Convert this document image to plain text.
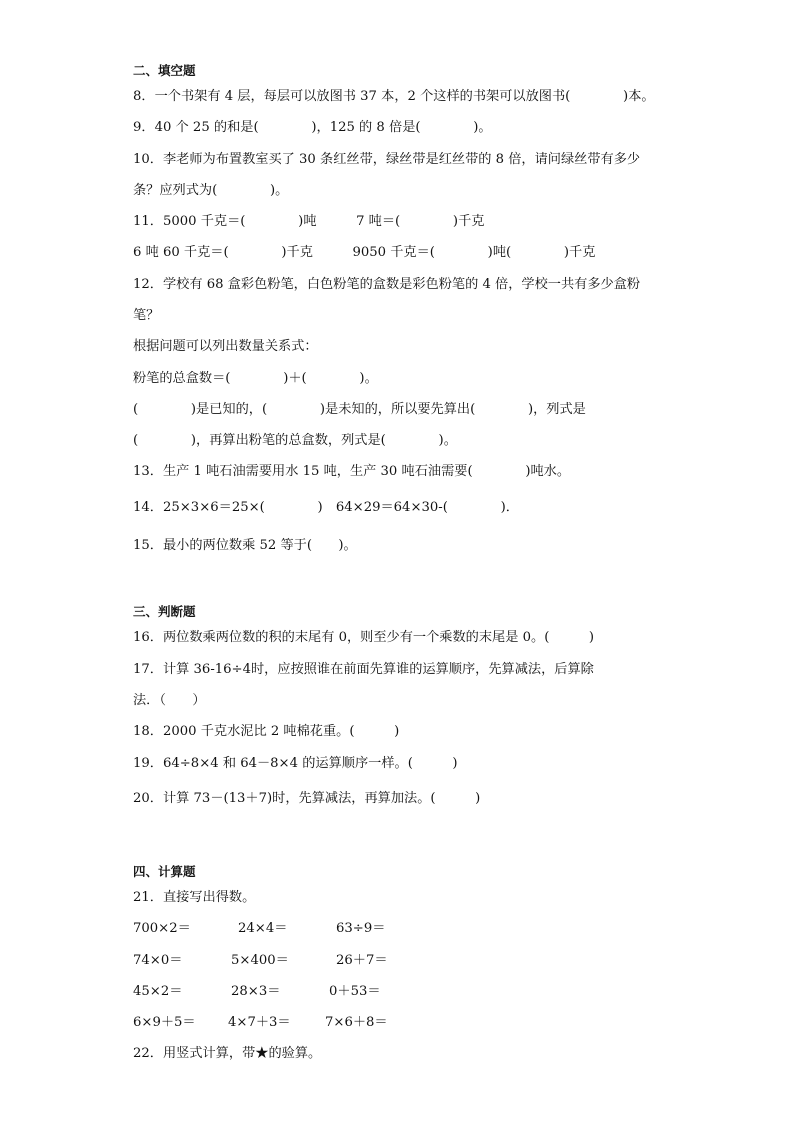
二、填空题
8．一个书架有 4 层，每层可以放图书 37 本，2 个这样的书架可以放图书(　　　　)本。
9．40 个 25 的和是(　　　　)，125 的 8 倍是(　　　　)。
10．李老师为布置教室买了 30 条红丝带，绿丝带是红丝带的 8 倍，请问绿丝带有多少
条？应列式为(　　　　)。
11．5000 千克＝(　　　　)吨　　　7 吨＝(　　　　)千克
6 吨 60 千克＝(　　　　)千克　　　9050 千克＝(　　　　)吨(　　　　)千克
12．学校有 68 盒彩色粉笔，白色粉笔的盒数是彩色粉笔的 4 倍，学校一共有多少盒粉
笔？
根据问题可以列出数量关系式：
粉笔的总盒数＝(　　　　)＋(　　　　)。
(　　　　)是已知的，(　　　　)是未知的，所以要先算出(　　　　)，列式是
(　　　　)，再算出粉笔的总盒数，列式是(　　　　)。
13．生产 1 吨石油需要用水 15 吨，生产 30 吨石油需要(　　　　)吨水。
14．25×3×6＝25×(　　　　)　64×29＝64×30-(　　　　)．
15．最小的两位数乘 52 等于(　　)。
三、判断题
16．两位数乘两位数的积的末尾有 0，则至少有一个乘数的末尾是 0。(　　　)
17．计算 36-16÷4时，应按照谁在前面先算谁的运算顺序，先算减法，后算除
法．（　　）
18．2000 千克水泥比 2 吨棉花重。(　　　)
19．64÷8×4 和 64－8×4 的运算顺序一样。(　　　)
20．计算 73－(13＋7)时，先算减法，再算加法。(　　　)
四、计算题
21．直接写出得数。
700×2＝	24×4＝	63÷9＝
74×0＝	5×400＝	26＋7＝
45×2＝	28×3＝	0＋53＝
6×9＋5＝ 4×7＋3＝	7×6＋8＝
22．用竖式计算，带★的验算。
